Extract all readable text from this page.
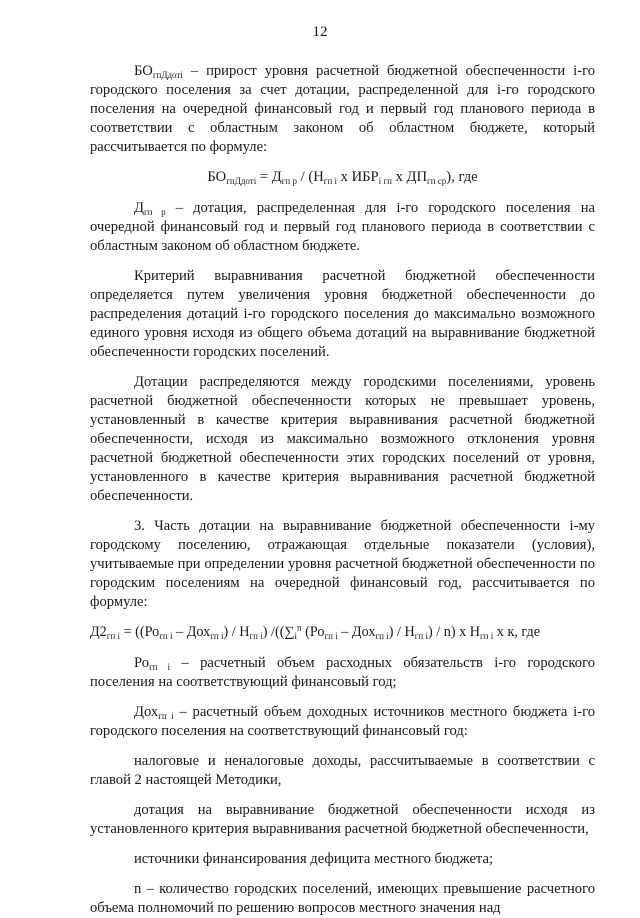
12

$БО_{гпДдоті}$ – прирост уровня расчетной бюджетной обеспеченности і-го городского поселения за счет дотации, распределенной для і-го городского поселения на очередной финансовый год и первый год планового периода в соответствии с областным законом об областном бюджете, который рассчитывается по формуле:

$БО_{гпДдоті} = Д_{гп р} / (Н_{гп і}$ х $ИБР_{і гп}$ х $ДП_{гп ср}$), где

$Д_{гп р}$ – дотация, распределенная для і-го городского поселения на очередной финансовый год и первый год планового периода в соответствии с областным законом об областном бюджете.

Критерий выравнивания расчетной бюджетной обеспеченности определяется путем увеличения уровня бюджетной обеспеченности до распределения дотаций і-го городского поселения до максимально возможного единого уровня исходя из общего объема дотаций на выравнивание бюджетной обеспеченности городских поселений.

Дотации распределяются между городскими поселениями, уровень расчетной бюджетной обеспеченности которых не превышает уровень, установленный в качестве критерия выравнивания расчетной бюджетной обеспеченности, исходя из максимально возможного отклонения уровня расчетной бюджетной обеспеченности этих городских поселений от уровня, установленного в качестве критерия выравнивания расчетной бюджетной обеспеченности.

3. Часть дотации на выравнивание бюджетной обеспеченности і-му городскому поселению, отражающая отдельные показатели (условия), учитываемые при определении уровня расчетной бюджетной обеспеченности по городским поселениям на очередной финансовый год, рассчитывается по формуле:

$Д2_{гп і} = ((Ро_{гп і} - Дох_{гп і}) / Н_{гп і})$ $/((\sum_і^n$ $(Ро_{гп і} - Дох_{гп і}) / Н_{гп і}) / n$) х $Н_{гп і}$ х к, где

$Ро_{гп і}$ – расчетный объем расходных обязательств і-го городского поселения на соответствующий финансовый год;

Дох$_{гп і}$ – расчетный объем доходных источников местного бюджета і-го городского поселения на соответствующий финансовый год:

налоговые и неналоговые доходы, рассчитываемые в соответствии с главой 2 настоящей Методики,

дотация на выравнивание бюджетной обеспеченности исходя из установленного критерия выравнивания расчетной бюджетной обеспеченности,

источники финансирования дефицита местного бюджета;

n – количество городских поселений, имеющих превышение расчетного объема полномочий по решению вопросов местного значения над
